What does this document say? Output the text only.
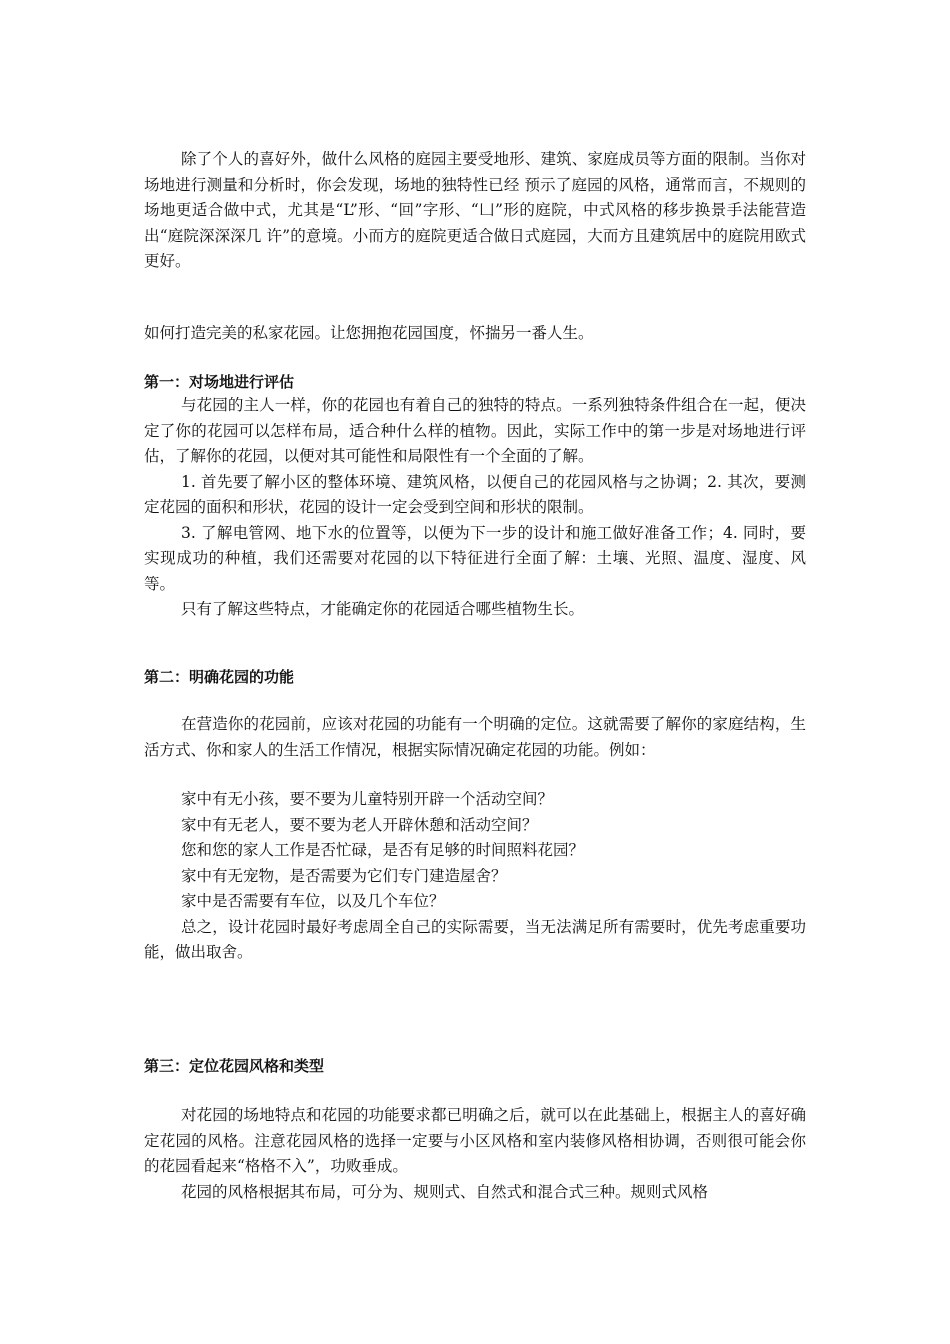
除了个人的喜好外，做什么风格的庭园主要受地形、建筑、家庭成员等方面的限制。当你对场地进行测量和分析时，你会发现，场地的独特性已经 预示了庭园的风格，通常而言，不规则的场地更适合做中式，尤其是“L”形、“回”字形、“凵”形的庭院，中式风格的移步换景手法能营造出“庭院深深深几 许”的意境。小而方的庭院更适合做日式庭园，大而方且建筑居中的庭院用欧式更好。

如何打造完美的私家花园。让您拥抱花园国度，怀揣另一番人生。

第一：对场地进行评估

与花园的主人一样，你的花园也有着自己的独特的特点。一系列独特条件组合在一起，便决定了你的花园可以怎样布局，适合种什么样的植物。因此，实际工作中的第一步是对场地进行评估，了解你的花园，以便对其可能性和局限性有一个全面的了解。

1. 首先要了解小区的整体环境、建筑风格，以便自己的花园风格与之协调；2. 其次，要测定花园的面积和形状，花园的设计一定会受到空间和形状的限制。

3. 了解电管网、地下水的位置等，以便为下一步的设计和施工做好准备工作；4. 同时，要实现成功的种植，我们还需要对花园的以下特征进行全面了解：土壤、光照、温度、湿度、风等。

只有了解这些特点，才能确定你的花园适合哪些植物生长。

第二：明确花园的功能

在营造你的花园前，应该对花园的功能有一个明确的定位。这就需要了解你的家庭结构，生活方式、你和家人的生活工作情况，根据实际情况确定花园的功能。例如：

家中有无小孩，要不要为儿童特别开辟一个活动空间？

家中有无老人，要不要为老人开辟休憩和活动空间？

您和您的家人工作是否忙碌，是否有足够的时间照料花园？

家中有无宠物，是否需要为它们专门建造屋舍？

家中是否需要有车位，以及几个车位？

总之，设计花园时最好考虑周全自己的实际需要，当无法满足所有需要时，优先考虑重要功能，做出取舍。

第三：定位花园风格和类型

对花园的场地特点和花园的功能要求都已明确之后，就可以在此基础上，根据主人的喜好确定花园的风格。注意花园风格的选择一定要与小区风格和室内装修风格相协调，否则很可能会你的花园看起来“格格不入”，功败垂成。

花园的风格根据其布局，可分为、规则式、自然式和混合式三种。规则式风格
